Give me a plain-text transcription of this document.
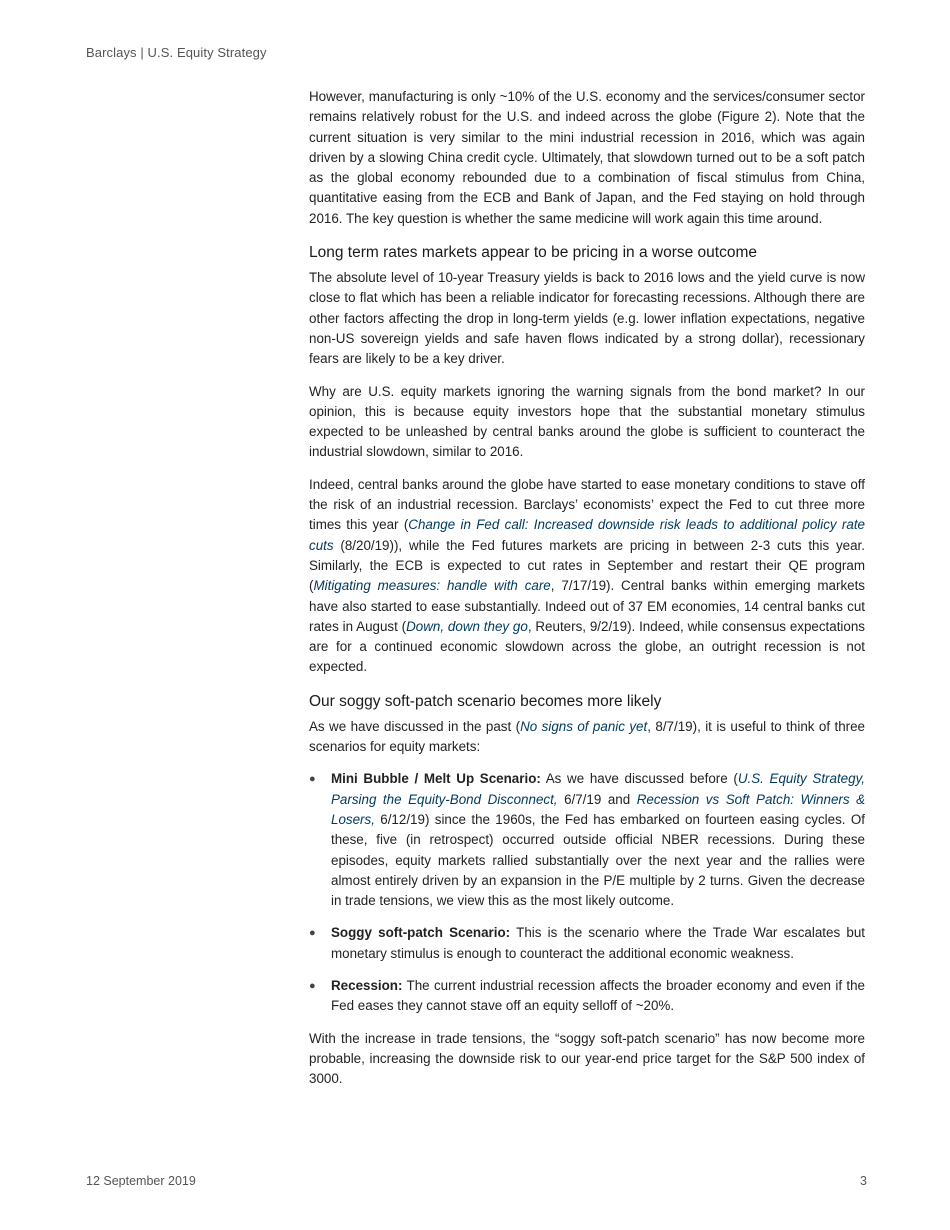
Barclays | U.S. Equity Strategy

However, manufacturing is only ~10% of the U.S. economy and the services/consumer sector remains relatively robust for the U.S. and indeed across the globe (Figure 2). Note that the current situation is very similar to the mini industrial recession in 2016, which was again driven by a slowing China credit cycle. Ultimately, that slowdown turned out to be a soft patch as the global economy rebounded due to a combination of fiscal stimulus from China, quantitative easing from the ECB and Bank of Japan, and the Fed staying on hold through 2016. The key question is whether the same medicine will work again this time around.

Long term rates markets appear to be pricing in a worse outcome

The absolute level of 10-year Treasury yields is back to 2016 lows and the yield curve is now close to flat which has been a reliable indicator for forecasting recessions. Although there are other factors affecting the drop in long-term yields (e.g. lower inflation expectations, negative non-US sovereign yields and safe haven flows indicated by a strong dollar), recessionary fears are likely to be a key driver.

Why are U.S. equity markets ignoring the warning signals from the bond market? In our opinion, this is because equity investors hope that the substantial monetary stimulus expected to be unleashed by central banks around the globe is sufficient to counteract the industrial slowdown, similar to 2016.

Indeed, central banks around the globe have started to ease monetary conditions to stave off the risk of an industrial recession. Barclays’ economists’ expect the Fed to cut three more times this year (Change in Fed call: Increased downside risk leads to additional policy rate cuts (8/20/19)), while the Fed futures markets are pricing in between 2-3 cuts this year. Similarly, the ECB is expected to cut rates in September and restart their QE program (Mitigating measures: handle with care, 7/17/19). Central banks within emerging markets have also started to ease substantially. Indeed out of 37 EM economies, 14 central banks cut rates in August (Down, down they go, Reuters, 9/2/19). Indeed, while consensus expectations are for a continued economic slowdown across the globe, an outright recession is not expected.

Our soggy soft-patch scenario becomes more likely

As we have discussed in the past (No signs of panic yet, 8/7/19), it is useful to think of three scenarios for equity markets:

● Mini Bubble / Melt Up Scenario: As we have discussed before (U.S. Equity Strategy, Parsing the Equity-Bond Disconnect, 6/7/19 and Recession vs Soft Patch: Winners & Losers, 6/12/19) since the 1960s, the Fed has embarked on fourteen easing cycles. Of these, five (in retrospect) occurred outside official NBER recessions. During these episodes, equity markets rallied substantially over the next year and the rallies were almost entirely driven by an expansion in the P/E multiple by 2 turns. Given the decrease in trade tensions, we view this as the most likely outcome.
● Soggy soft-patch Scenario: This is the scenario where the Trade War escalates but monetary stimulus is enough to counteract the additional economic weakness.
● Recession: The current industrial recession affects the broader economy and even if the Fed eases they cannot stave off an equity selloff of ~20%.

With the increase in trade tensions, the “soggy soft-patch scenario” has now become more probable, increasing the downside risk to our year-end price target for the S&P 500 index of 3000.

12 September 2019	3
